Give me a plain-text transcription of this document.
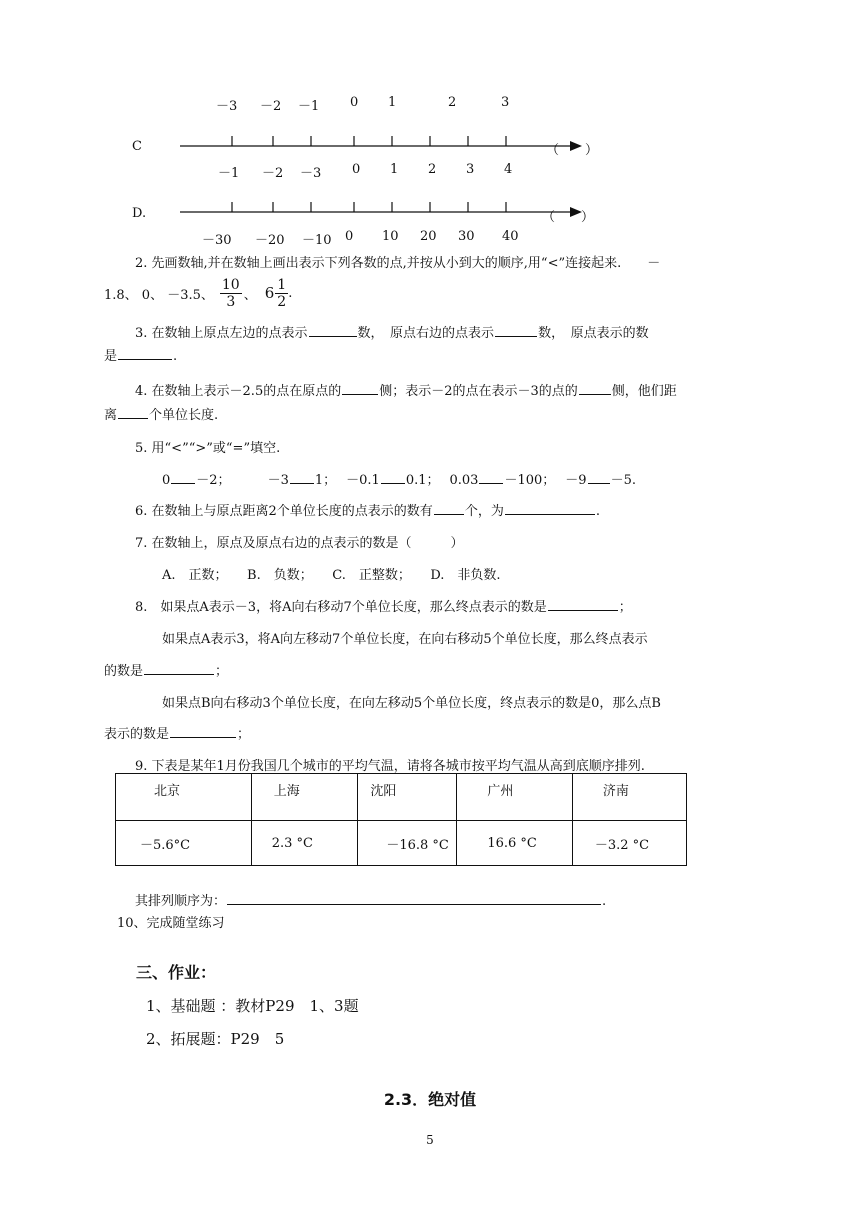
－3 －2 －1 0 1	2	3
C	（　　）
－1 －2 －3 0 1 2 3 4
D.	（　　）
－30 －20 －10 0 10 20 30 40
2. 先画数轴,并在数轴上画出表示下列各数的点,并按从小到大的顺序,用“<”连接起来.　　－
1.8、 0、 －3.5、 $\frac{10}{3}$ 、 $6 \frac{1}{2}$ .
3. 在数轴上原点左边的点表示	数，　原点右边的点表示	数，　原点表示的数
是	.
4. 在数轴上表示－2.5的点在原点的	侧；表示－2的点在表示－3的点的	侧，他们距
离 个单位长度.
5. 用“<”“>”或“=”填空.
0 －2；　－3 1； －0.1 0.1； 0.03 －100； －9 －5.
6. 在数轴上与原点距离2个单位长度的点表示的数有 个，为	.
7. 在数轴上，原点及原点右边的点表示的数是（　　　）
A.　正数；　　B.　负数；　　C.　正整数；　　D.　非负数.
8.　如果点A表示－3，将A向右移动7个单位长度，那么终点表示的数是	；
如果点A表示3，将A向左移动7个单位长度，在向右移动5个单位长度，那么终点表示
的数是	；
如果点B向右移动3个单位长度，在向左移动5个单位长度，终点表示的数是0，那么点B
表示的数是	；
9. 下表是某年1月份我国几个城市的平均气温，请将各城市按平均气温从高到底顺序排列.
北京	上海	沈阳	广州	济南
－5.6°C	2.3 °C	－16.8 °C	16.6 °C	－3.2 °C
其排列顺序为：	.
10、完成随堂练习
三、作业：
1、基础题 ：教材P29　1、3题
2、拓展题：P29　5
2.3．绝对值
5
